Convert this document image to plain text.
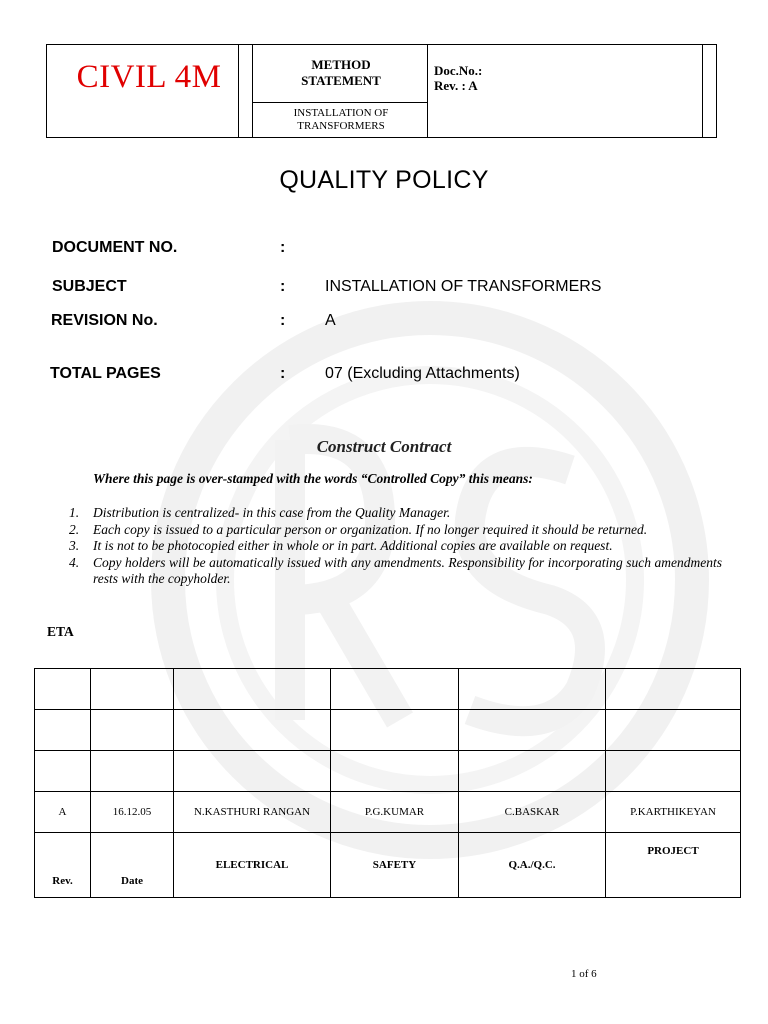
CIVIL 4M	METHOD
STATEMENT
INSTALLATION OF
TRANSFORMERS
Doc.No.:
Rev. : A
QUALITY POLICY
DOCUMENT NO.	:
SUBJECT	: INSTALLATION OF TRANSFORMERS
REVISION No.	: A
TOTAL PAGES	: 07 (Excluding Attachments)
Construct Contract
Where this page is over-stamped with the words “Controlled Copy” this means:
1. Distribution is centralized- in this case from the Quality Manager.
2. Each copy is issued to a particular person or organization. If no longer required it should be returned.
3. It is not to be photocopied either in whole or in part. Additional copies are available on request.
4. Copy holders will be automatically issued with any amendments. Responsibility for incorporating such amendments rests with the copyholder.
ETA

A	16.12.05	N.KASTHURI RANGAN	P.G.KUMAR	C.BASKAR	P.KARTHIKEYAN
Rev.	Date	ELECTRICAL	SAFETY	Q.A./Q.C.	PROJECT
1 of 6
